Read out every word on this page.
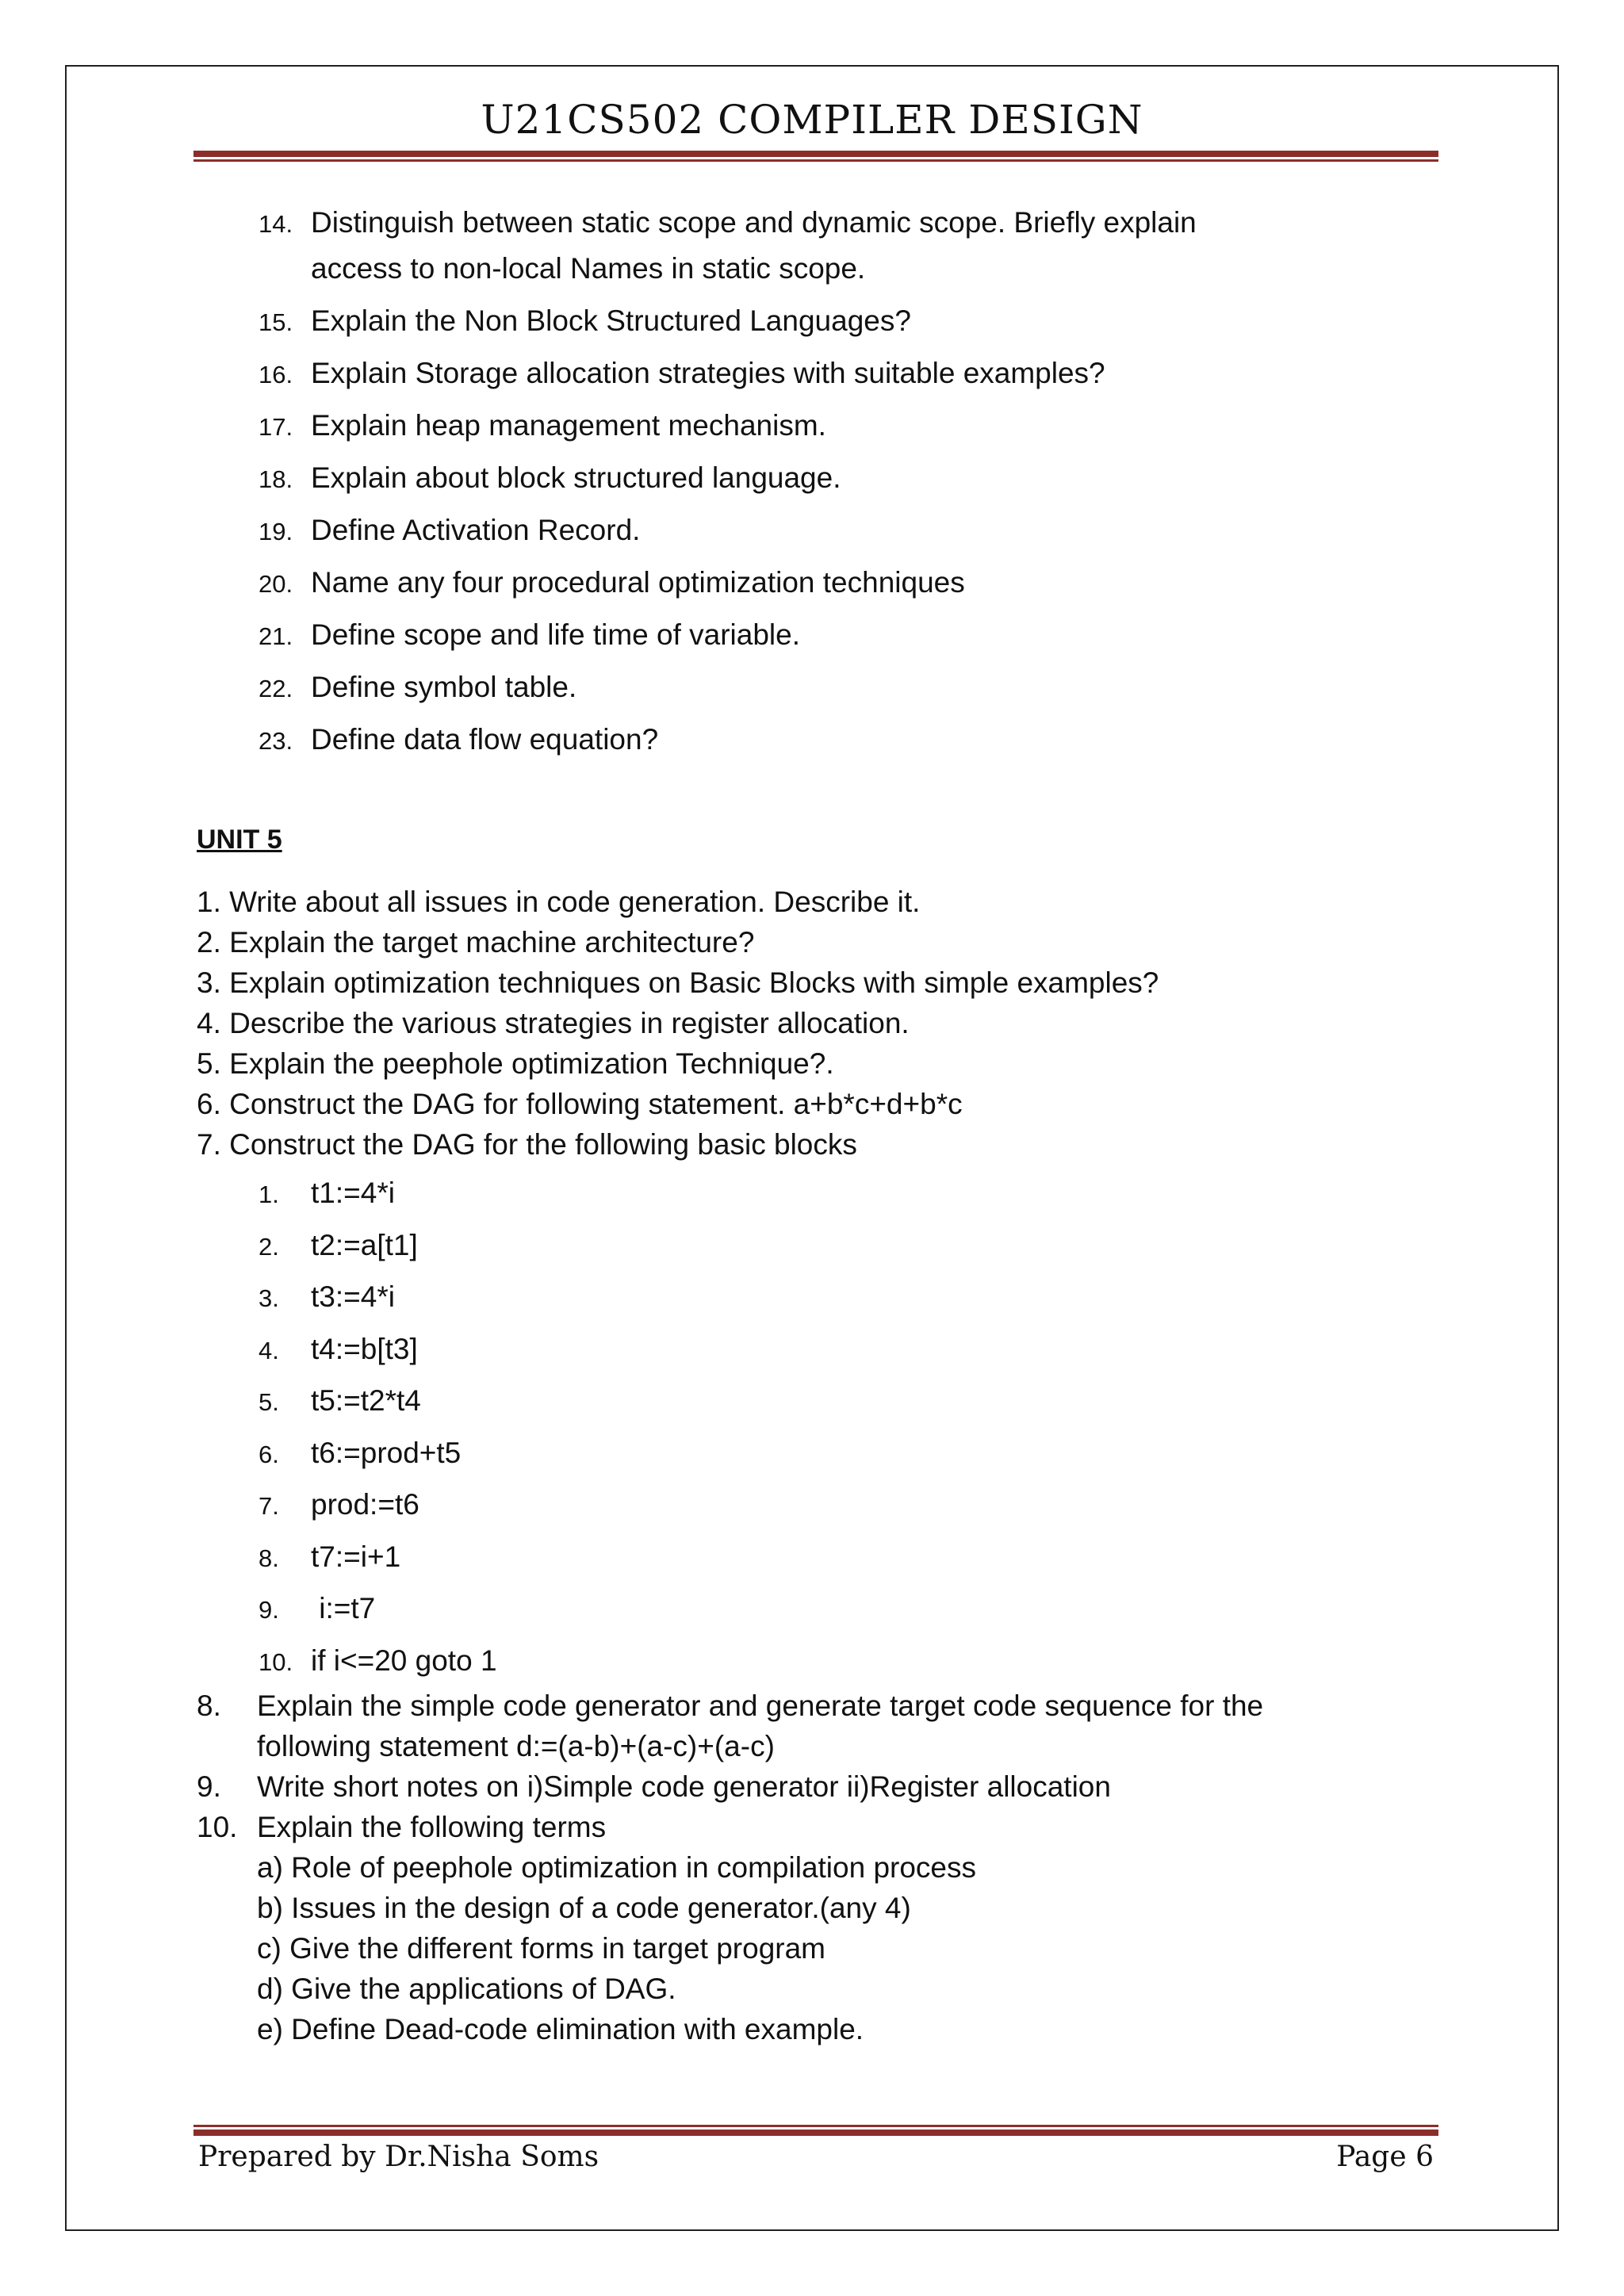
U21CS502 COMPILER DESIGN
14. Distinguish between static scope and dynamic scope. Briefly explain
access to non-local Names in static scope.
15. Explain the Non Block Structured Languages?
16. Explain Storage allocation strategies with suitable examples?
17. Explain heap management mechanism.
18. Explain about block structured language.
19. Define Activation Record.
20. Name any four procedural optimization techniques
21. Define scope and life time of variable.
22. Define symbol table.
23. Define data flow equation?
UNIT 5
1. Write about all issues in code generation. Describe it.
2. Explain the target machine architecture?
3. Explain optimization techniques on Basic Blocks with simple examples?
4. Describe the various strategies in register allocation.
5. Explain the peephole optimization Technique?.
6. Construct the DAG for following statement. a+b*c+d+b*c
7. Construct the DAG for the following basic blocks
1. t1:=4*i
2. t2:=a[t1]
3. t3:=4*i
4. t4:=b[t3]
5. t5:=t2*t4
6. t6:=prod+t5
7. prod:=t6
8. t7:=i+1
9. i:=t7
10. if i<=20 goto 1
8. Explain the simple code generator and generate target code sequence for the
following statement d:=(a-b)+(a-c)+(a-c)
9. Write short notes on i)Simple code generator ii)Register allocation
10. Explain the following terms
a) Role of peephole optimization in compilation process
b) Issues in the design of a code generator.(any 4)
c) Give the different forms in target program
d) Give the applications of DAG.
e) Define Dead-code elimination with example.
Prepared by Dr.Nisha Soms	Page 6
